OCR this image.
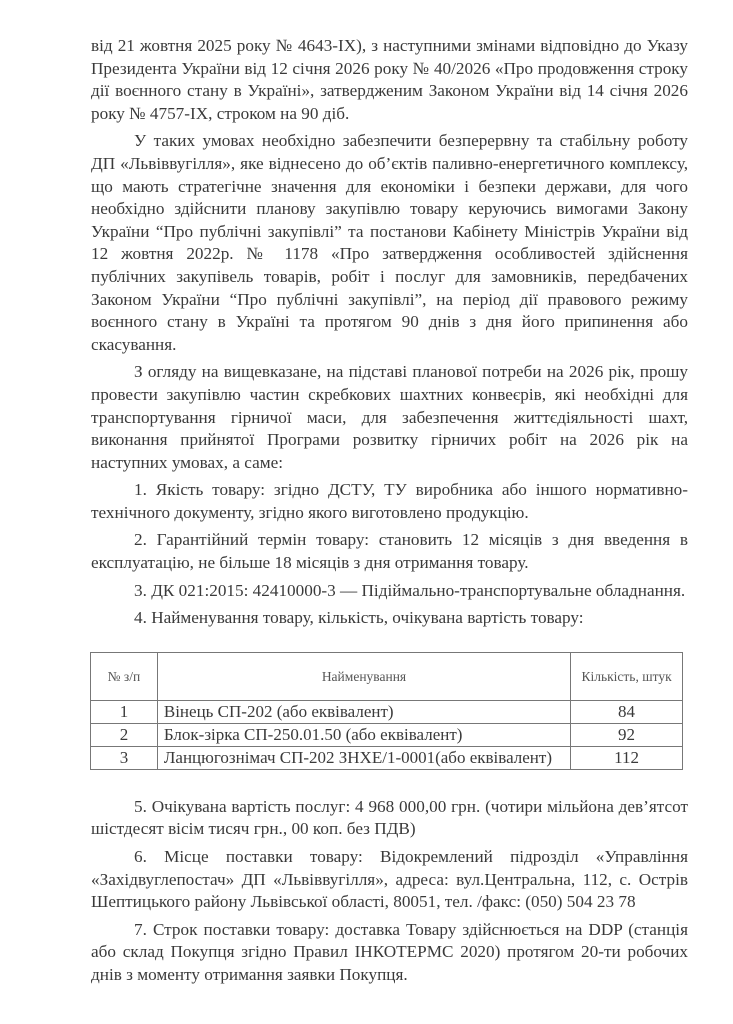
від 21 жовтня 2025 року № 4643-IX), з наступними змінами відповідно до Указу Президента України від 12 січня 2026 року № 40/2026 «Про продовження строку дії воєнного стану в Україні», затвердженим Законом України від 14 січня 2026 року № 4757-IX, строком на 90 діб.

У таких умовах необхідно забезпечити безперервну та стабільну роботу ДП «Львіввугілля», яке віднесено до об’єктів паливно-енергетичного комплексу, що мають стратегічне значення для економіки і безпеки держави, для чого необхідно здійснити планову закупівлю товару керуючись вимогами Закону України “Про публічні закупівлі” та постанови Кабінету Міністрів України від 12 жовтня 2022р. № 1178 «Про затвердження особливостей здійснення публічних закупівель товарів, робіт і послуг для замовників, передбачених Законом України “Про публічні закупівлі”, на період дії правового режиму воєнного стану в Україні та протягом 90 днів з дня його припинення або скасування.

З огляду на вищевказане, на підставі планової потреби на 2026 рік, прошу провести закупівлю частин скребкових шахтних конвеєрів, які необхідні для транспортування гірничої маси, для забезпечення життєдіяльності шахт, виконання прийнятої Програми розвитку гірничих робіт на 2026 рік на наступних умовах, а саме:

1. Якість товару: згідно ДСТУ, ТУ виробника або іншого нормативно-технічного документу, згідно якого виготовлено продукцію.

2. Гарантійний термін товару: становить 12 місяців з дня введення в експлуатацію, не більше 18 місяців з дня отримання товару.

3. ДК 021:2015: 42410000-3 — Підіймально-транспортувальне обладнання.

4. Найменування товару, кількість, очікувана вартість товару:

№ з/п	Найменування	Кількість, штук
1	Вінець СП-202 (або еквівалент)	84
2	Блок-зірка СП-250.01.50 (або еквівалент)	92
3	Ланцюгознімач СП-202 ЗНХЕ/1-0001(або еквівалент)	112

5. Очікувана вартість послуг: 4 968 000,00 грн. (чотири мільйона дев’ятсот шістдесят вісім тисяч грн., 00 коп. без ПДВ)

6. Місце поставки товару: Відокремлений підрозділ «Управління «Західвуглепостач» ДП «Львіввугілля», адреса: вул.Центральна, 112, с. Острів Шептицького району Львівської області, 80051, тел. /факс: (050) 504 23 78

7. Строк поставки товару: доставка Товару здійснюється на DDP (станція або склад Покупця згідно Правил ІНКОТЕРМС 2020) протягом 20-ти робочих днів з моменту отримання заявки Покупця.
